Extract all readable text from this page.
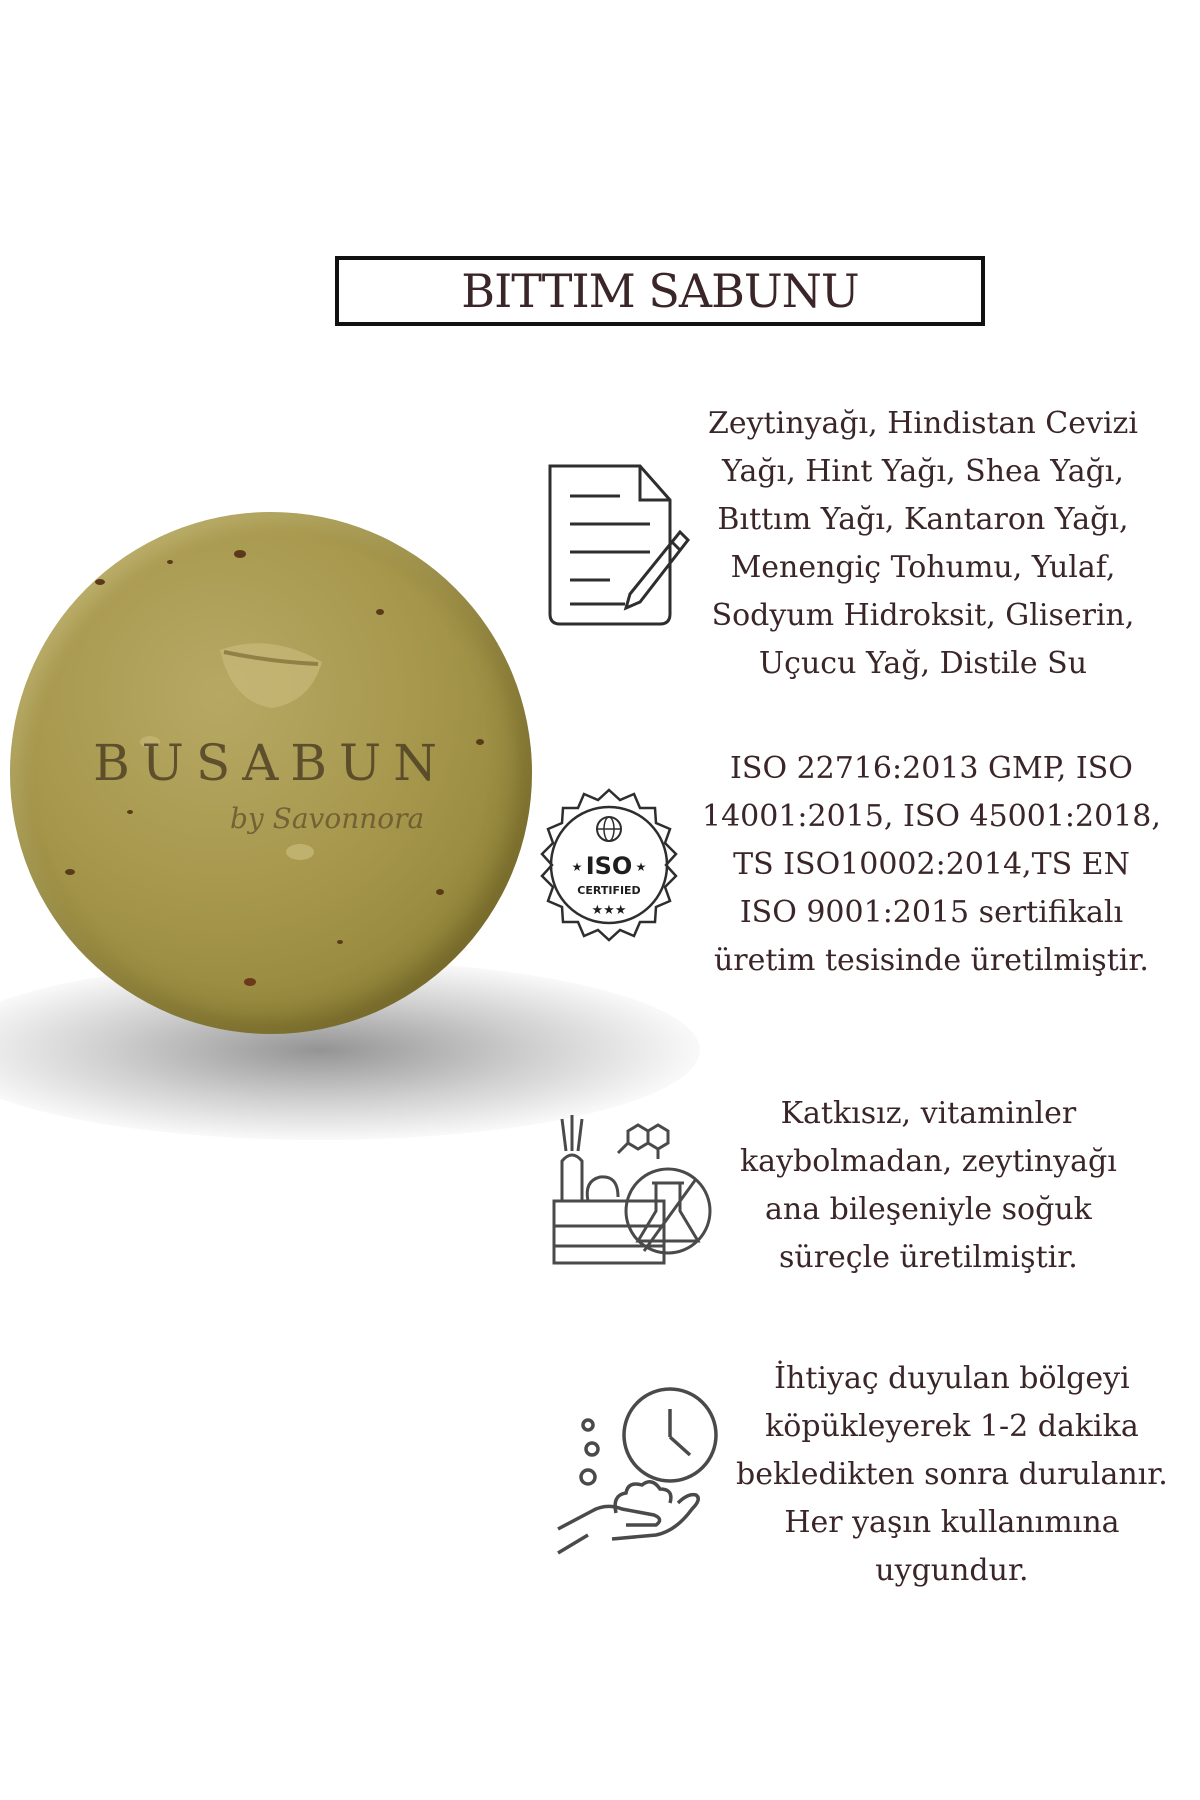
BITTIM SABUNU
BUSABUN
by Savonnora
Zeytinyağı, Hindistan Cevizi
Yağı, Hint Yağı, Shea Yağı,
Bıttım Yağı, Kantaron Yağı,
Menengiç Tohumu, Yulaf,
Sodyum Hidroksit, Gliserin,
Uçucu Yağ, Distile Su
ISO
★	★
CERTIFIED
★★★
ISO 22716:2013 GMP, ISO
14001:2015, ISO 45001:2018,
TS ISO10002:2014,TS EN
ISO 9001:2015 sertifikalı
üretim tesisinde üretilmiştir.
Katkısız, vitaminler
kaybolmadan, zeytinyağı
ana bileşeniyle soğuk
süreçle üretilmiştir.
İhtiyaç duyulan bölgeyi
köpükleyerek 1-2 dakika
bekledikten sonra durulanır.
Her yaşın kullanımına
uygundur.
